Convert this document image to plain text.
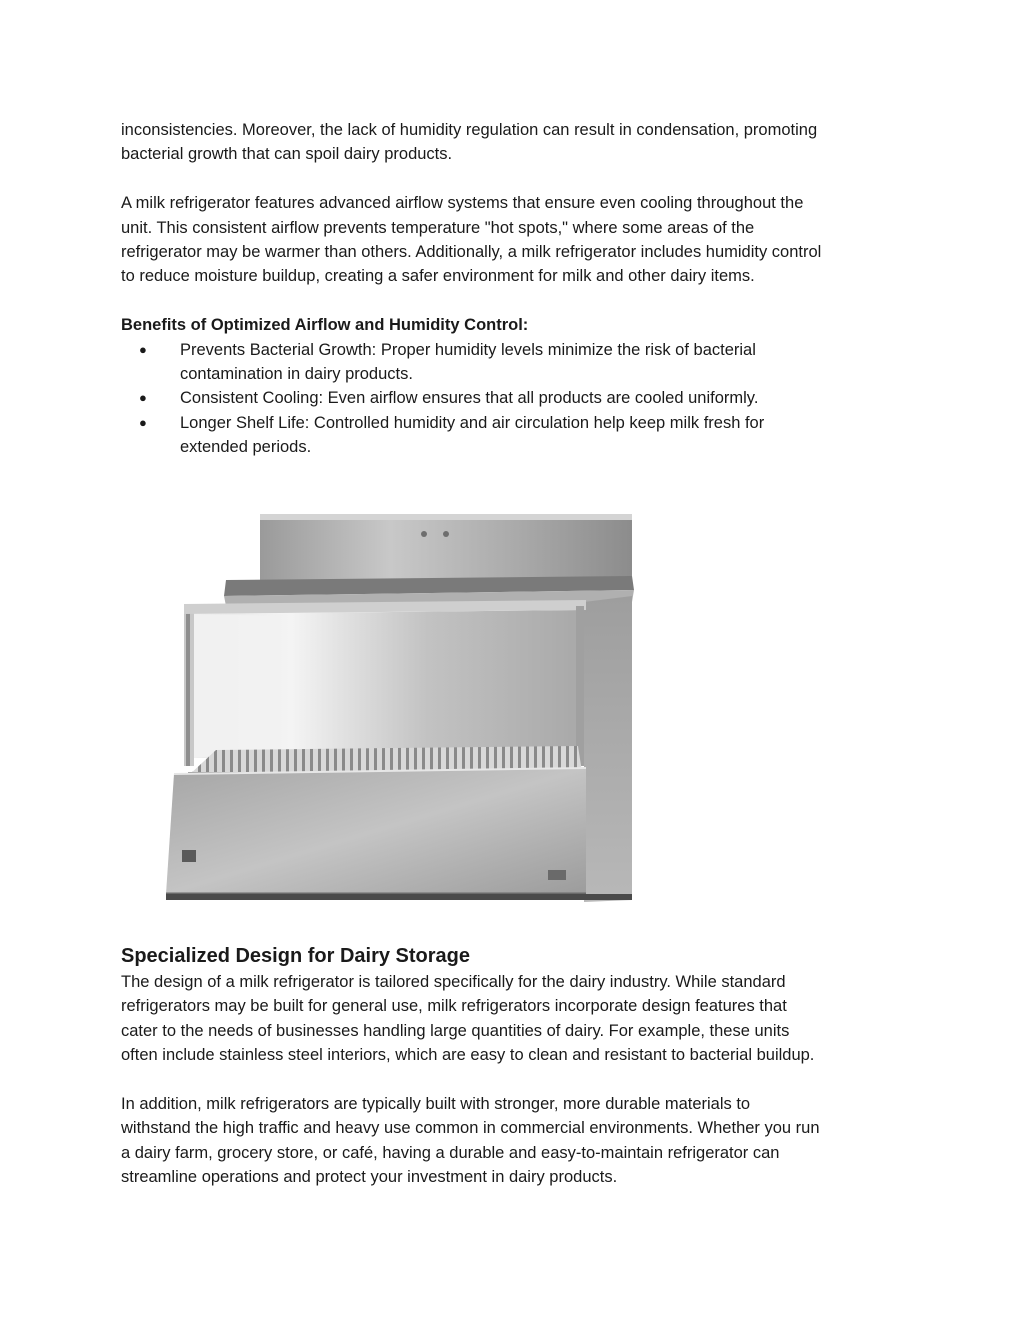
inconsistencies. Moreover, the lack of humidity regulation can result in condensation, promoting
bacterial growth that can spoil dairy products.

A milk refrigerator features advanced airflow systems that ensure even cooling throughout the
unit. This consistent airflow prevents temperature "hot spots," where some areas of the
refrigerator may be warmer than others. Additionally, a milk refrigerator includes humidity control
to reduce moisture buildup, creating a safer environment for milk and other dairy items.

Benefits of Optimized Airflow and Humidity Control:

● Prevents Bacterial Growth: Proper humidity levels minimize the risk of bacterial
contamination in dairy products.
● Consistent Cooling: Even airflow ensures that all products are cooled uniformly.
● Longer Shelf Life: Controlled humidity and air circulation help keep milk fresh for
extended periods.
Specialized Design for Dairy Storage

The design of a milk refrigerator is tailored specifically for the dairy industry. While standard
refrigerators may be built for general use, milk refrigerators incorporate design features that
cater to the needs of businesses handling large quantities of dairy. For example, these units
often include stainless steel interiors, which are easy to clean and resistant to bacterial buildup.

In addition, milk refrigerators are typically built with stronger, more durable materials to
withstand the high traffic and heavy use common in commercial environments. Whether you run
a dairy farm, grocery store, or café, having a durable and easy-to-maintain refrigerator can
streamline operations and protect your investment in dairy products.
